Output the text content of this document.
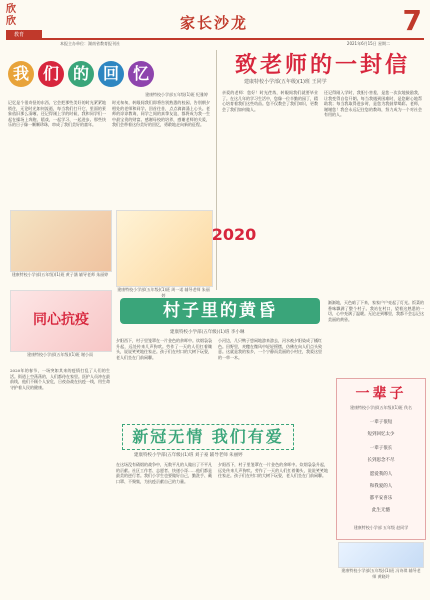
欣
欣
教育
家长沙龙	7
本报主办单位：湖南省教育报刊社	2021年6月15日 星期二
我 们 的 回 忆
建康特校小学部五年级(1)班 纪雅婷
记忆是个很奇怪的东西，它会把那些美好的时光紧紧地锁住，无论时光如何流逝，每当我们打开它，里面的景象依旧那么清晰。还记得刚上学的时候，我和同学们一起在操场上奔跑、嬉戏，一起学习、一起进步。那些快乐的日子像一颗颗珍珠，串成了我们美好的童年。
时光匆匆，转眼间我们即将告别熟悉的校园，告别朝夕相处的老师和同学。回首往昔，点点滴滴涌上心头。老师的谆谆教诲，同学之间的真挚友谊，都将成为我一生中最宝贵的财富。感谢母校的培养，感谢老师的关爱，我们会带着这份美好的回忆，勇敢地走向新的征程。
致老师的一封信
建康特校小学部(五年级)(1)班 王同学
亲爱的老师：您好！时光荏苒，转眼间我们就要毕业了。在这几年的学习生活中，您像一位辛勤的园丁，精心培育着我们这些幼苗。您不仅教会了我们知识，更教会了我们如何做人。
还记得刚入学时，我胆小害羞，是您一次次地鼓励我，让我变得自信开朗。每当我遇到困难时，是您耐心地帮助我；每当我取得进步时，是您为我鼓掌喝彩。老师，谢谢您！我会永远记住您的教诲，努力成为一个对社会有用的人。
建康特校小学部(五年级)(1)班 黄子涵 辅导老师 朱丽婷
同心抗疫
建康特校小学部(五年级)(1)班 谢小雨
2020
建康特校小学部(五年级)(1)班 周一诺 辅导老师 朱丽婷
村子里的黄昏
建康特校小学部(五年级)(1)班 李小琳
夕阳西下，村子里笼罩在一片金色的余晖中。炊烟袅袅升起，远处传来几声狗吠。劳作了一天的人们扛着锄头，说说笑笑地往家走。孩子们在村口的大树下玩耍，老人们坐在门前闲聊。
小河边，几只鸭子悠闲地游来游去，河水被夕阳染成了橘红色。田野里，麦穗在微风中轻轻摇摆，仿佛在向人们点头致意。这就是我的家乡，一个宁静而美丽的小村庄，我爱这里的一草一木。
渐渐地，天色暗了下来，家家户户亮起了灯光。饭菜的香味飘满了整个村子。我站在村口，望着这熟悉的一切，心中充满了温暖。无论走到哪里，我都不会忘记这美丽的黄昏。
新冠无情 我们有爱
建康特校小学部(五年级)(1)班 刘子豪 辅导老师 朱丽婷
2020年的春节，一场突如其来的疫情打乱了人们的生活。街道上空荡荡的，人们都待在家里。医护人员冲在最前线，他们不顾个人安危，日夜奋战在抗疫一线，用生命守护着人民的健康。
在这场没有硝烟的战争中，无数平凡的人做出了不平凡的贡献。社区工作者、志愿者、快递小哥……他们都是最美的逆行者。我们小学生也要做好自己，勤洗手、戴口罩、不聚集，为抗疫贡献自己的力量。
夕阳西下，村子里笼罩在一片金色的余晖中。炊烟袅袅升起，远处传来几声狗吠。劳作了一天的人们扛着锄头，说说笑笑地往家走。孩子们在村口的大树下玩耍，老人们坐在门前闲聊。
一辈子
建康特校小学部(五年级)(1)班 佚名
一辈子很短
短到回忆太少
一辈子很长
长到思念不尽
愿爱我的人
和我爱的人
都平安喜乐
此生无憾
建康特校小学部 五年级 赵同学
建康特校小学部(五年级)(1)班 冯诗琪 辅导老师 黄晓玲
